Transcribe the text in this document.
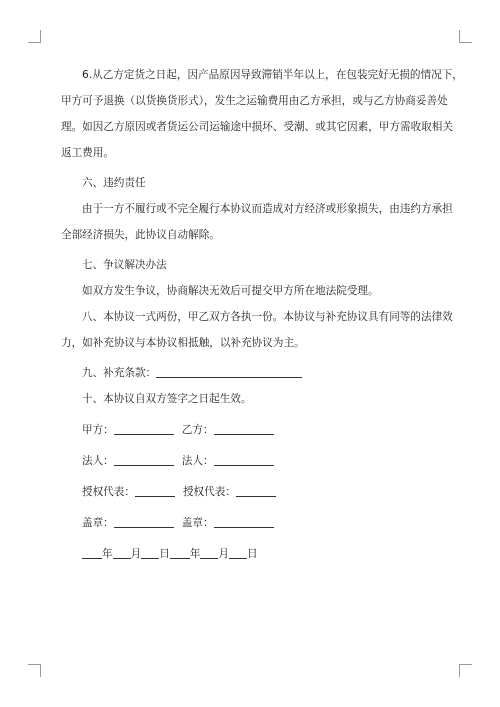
6.从乙方定货之日起，因产品原因导致滞销半年以上，在包装完好无损的情况下，

甲方可予退换（以货换货形式），发生之运输费用由乙方承担，或与乙方协商妥善处

理。如因乙方原因或者货运公司运输途中损坏、受潮、或其它因素，甲方需收取相关

返工费用。

六、违约责任

由于一方不履行或不完全履行本协议而造成对方经济或形象损失，由违约方承担

全部经济损失，此协议自动解除。

七、争议解决办法

如双方发生争议，协商解决无效后可提交甲方所在地法院受理。

八、本协议一式两份，甲乙双方各执一份。本协议与补充协议具有同等的法律效

力，如补充协议与本协议相抵触，以补充协议为主。

九、补充条款：

十、本协议自双方签字之日起生效。

甲方：	乙方：

法人：	法人：

授权代表：	授权代表：

盖章：	盖章：

年 月 日 年 月 日
